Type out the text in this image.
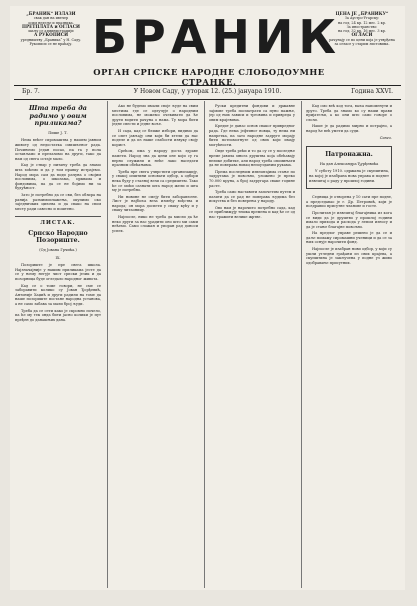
„БРАНИК“ ИЗЛАЗИ
свак дан на ивечер
осим недеље и празника.
ПРЕТПЛАТА и ОГЛАСИ
шаљу се администрацији
А РУКОПИСИ
уредништву „Браника“ у Н. Саду.
Рукописи се не враћају. БРАНИК
ОРГАН СРПСКЕ НАРОДНЕ СЛОБОДОУМНЕ СТРАНКЕ.
ЦЕНА ЈЕ „БРАНИКУ“
За Аустро-Угарску:
на год. 24 кр. 12 мес. 2 кр.
За иностранство:
на год. 32 кр. 16 мес. 3 кр.
ОГЛАСИ
рачунају се по цени која је утврђена
за огласе у старим листовима.
Бр. 7.	У Новом Саду, у уторак 12. (25.) јануара 1910.	Година XXVI.
Шта треба да радимо у овим приликама?
Пише Ј. Т.

Нема већег сиромаштва у нашем јавном животу од недостатка смишљеног рада. Почињемо један посао, па га у пола остављамо и прелазимо на други, тако да нам од свега остаје мало.

Кад је ствар у питању треба да знамо шта хоћемо и да у том правцу истрајемо. Народ мора сам да води рачуна о својим пословима, о школама, црквама и фондовима, па да се не бојимо ни за будућност.

Зато је потребно да се сви, без обзира на ранија размимоилажења, окупимо око заједничких циљева и да свако на свом месту ради савесно и поштено.

ЛИСТАК.
Српско Народно Позориште.
(Од Јована Грчића.)
IX.

Позориште је пре свега школа. Најзначајније у нашим приликама јесте да се у њему негује чист српски језик и да позорница буде огледало народног живота.

Кад се о томе говори, не сме се заборавити колико су Јован Ђорђевић, Антоније Хаџић и други радили на томе да наше позориште постане народна установа, а не само забава за мали број људи.

Треба да се сети како је скромно почело, па ће му тек онда бити јасно колики је пут пређен до данашњих дана.

Ако не будемо имали своје људе на свим местима где се одлучује о народним пословима, не можемо очекивати да ће други водити рачуна о нама. Ту мора бити једне свести и једне воље.

И сада, кад се ближе избори, видимо да се опет јављају они који би хтели да нас поделе и да из наше слабости извуку своју корист.

Срећом, има у народу доста здраве памети. Народ зна да цени оне који су га верно служили и неће лако наседати празним обећањима.

Треба пре свега учврстити организацију, у свакој општини основати одбор, а одбори нека буду у сталној вези са средиштем. Тако ће се моћи сазнати шта народ жели и шта му је потребно.

Ни новине не смеју бити заборављене. Лист је најбоља веза између вођства и народа; он мора доспети у сваку кућу и у сваку читаоницу.

Најпосле, нико не треба да мисли да ће неко други за нас урадити оно што ми сами нећемо. Само сложан и упоран рад доноси успех.

Руски кредитни фондови и државне зајмове треба посматрати са пуно пажње, јер од њих зависи и трговина и привреда у овим крајевима.

Кредит је данас основ сваког привредног рада. Где нема јефтиног новца, ту нема ни напретка, па зато народне задруге морају бити потпомогнуте од свих који имају могућности.

Овде треба рећи и то да су се у последње време јавила многа друштва која обећавају велике добитке, али народ треба опомињати да не поверава новац непоузданим рукама.

Према последњим извештајима стање по задругама је повољно, уложено је преко 70.000 круна, а број задругара сваке године расте.

Треба само наставити започетим путем и пазити да се рад не поверава људима без искуства и без поверења у народу.

Ово нам је нарочито потребно сада, кад се приближују тешка времена и кад ће се од нас тражити велике жртве.

Кад смо већ код тога, ваља напоменути и друго. Треба да знамо ко су наши прави пријатељи, а ко они што само говоре о слози.

Наше је да радимо мирно и истрајно, а народ ће већ умети да суди.

Савез.
Патронажна.
На дан Александра Ђурђевића

У суботу 1910. одржана је скупштина, на којој је изабрана нова управа и поднет извештај о раду у прошлој години.

Седница је отворена у 10 сати пре подне, а председавао је г. Др. Петровић, који је поздравио присутне чланове и госте.

Прочитан је извештај благајника из кога се види да је друштво у прошлој години имало прихода и расхода у лепом износу и да је стање благајне повољно.

На предлог управе решено је да се и даље помажу сиромашни ученици и да се за њих оснује нарочити фонд.

Најпосле је изабран нови одбор, у који су ушли угледни грађани из свих крајева, а скупштина је закључена у подне уз живо одобравање присутних.
